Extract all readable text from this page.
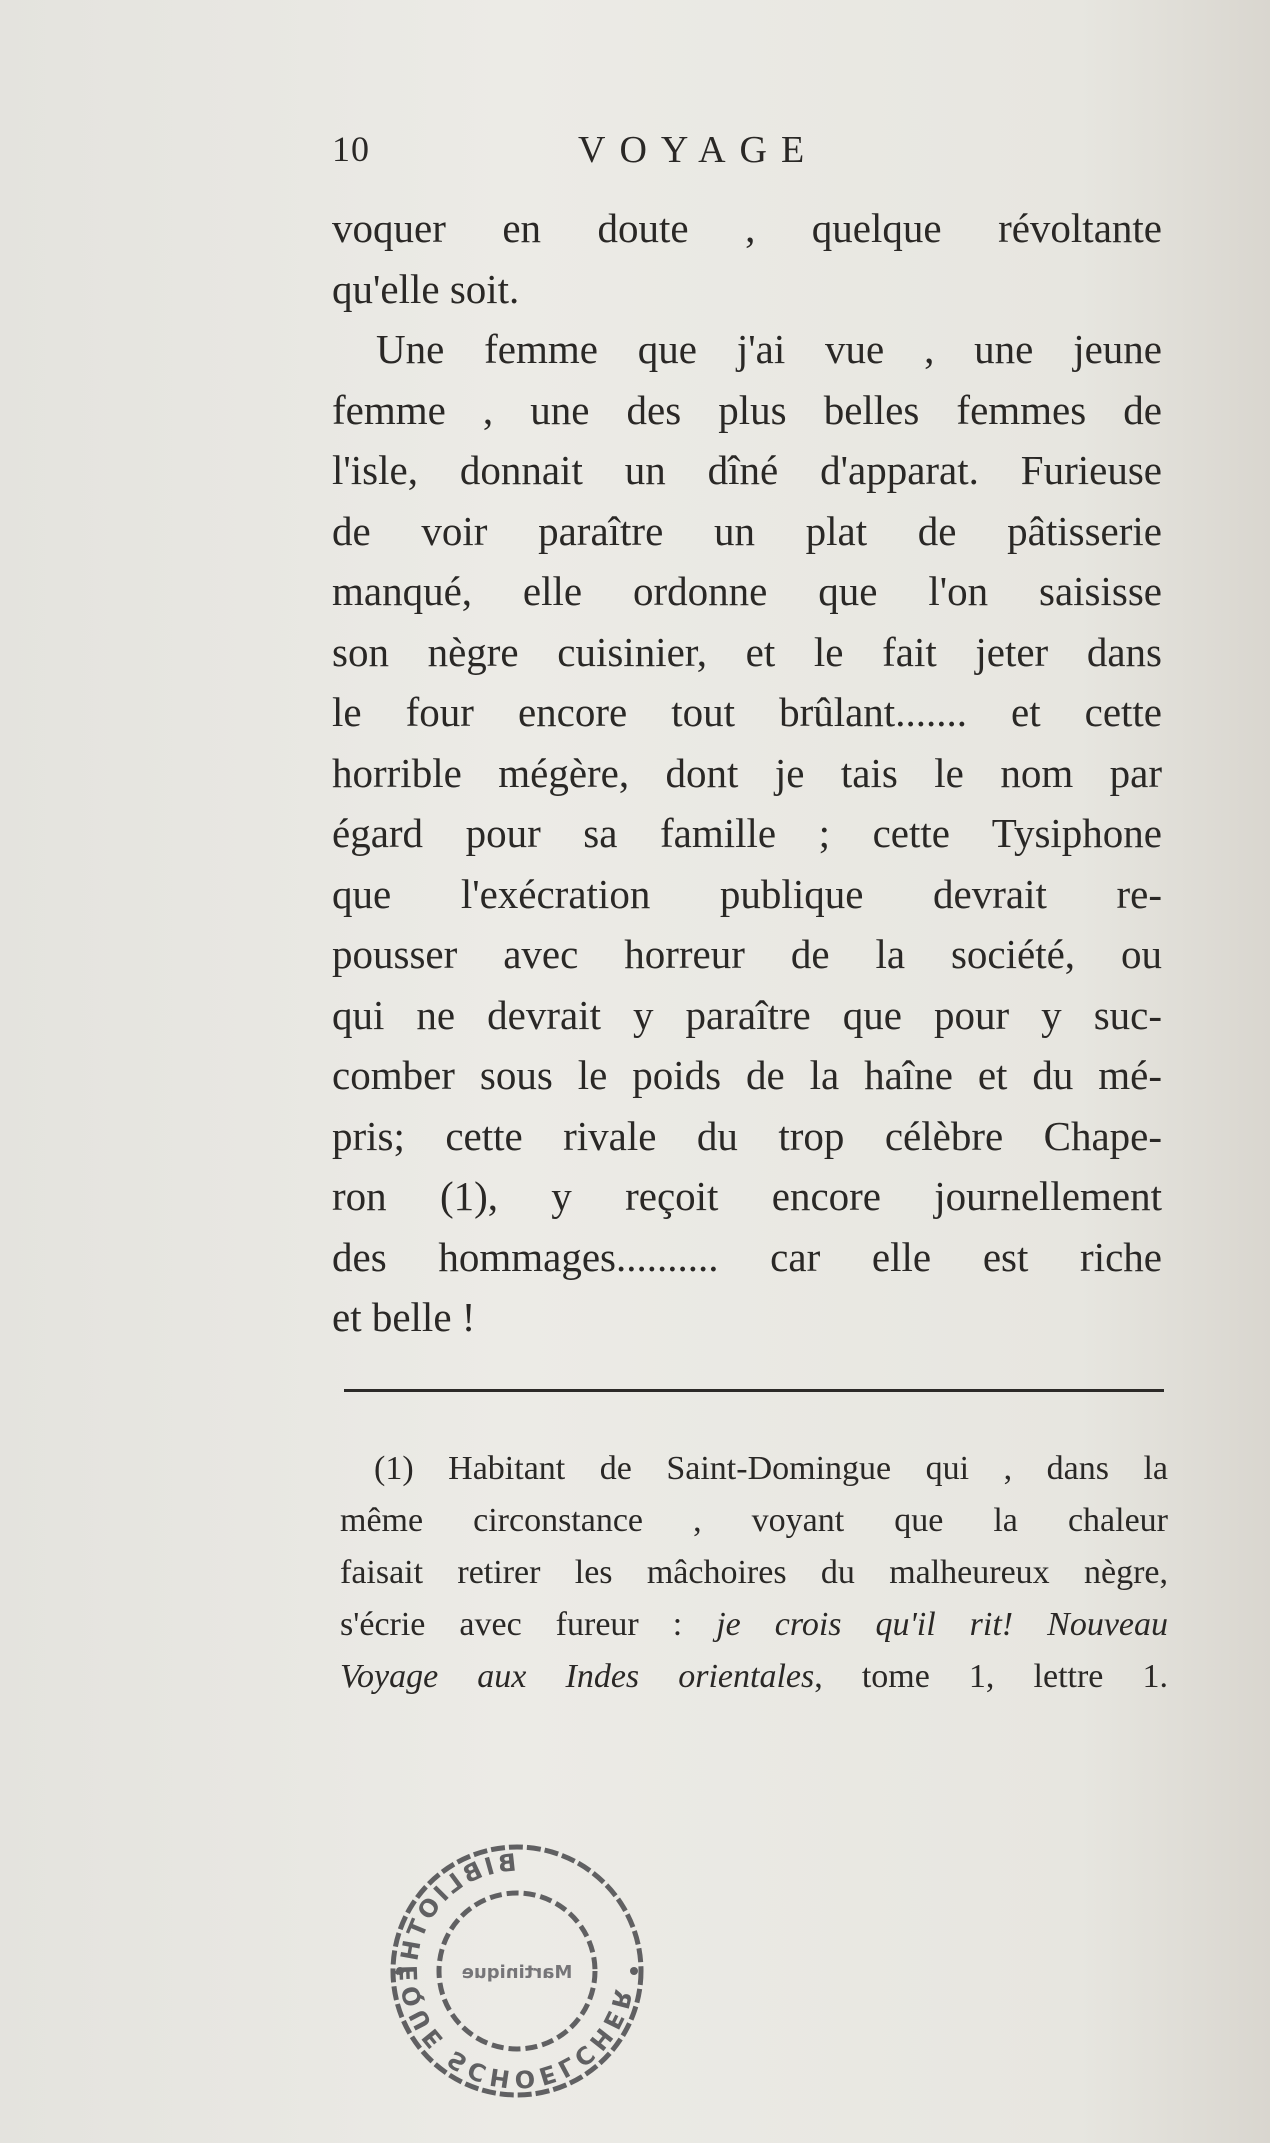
10	VOYAGE
voquer en doute , quelque révoltante
qu'elle soit.
Une femme que j'ai vue , une jeune
femme , une des plus belles femmes de
l'isle, donnait un dîné d'apparat. Furieuse
de voir paraître un plat de pâtisserie
manqué, elle ordonne que l'on saisisse
son nègre cuisinier, et le fait jeter dans
le four encore tout brûlant....... et cette
horrible mégère, dont je tais le nom par
égard pour sa famille ; cette Tysiphone
que l'exécration publique devrait re-
pousser avec horreur de la société, ou
qui ne devrait y paraître que pour y suc-
comber sous le poids de la haîne et du mé-
pris; cette rivale du trop célèbre Chape-
ron (1), y reçoit encore journellement
des hommages.......... car elle est riche
et belle !
(1) Habitant de Saint-Domingue qui , dans la
même circonstance , voyant que la chaleur
faisait retirer les mâchoires du malheureux nègre,
s'écrie avec fureur : je crois qu'il rit! Nouveau
Voyage aux Indes orientales, tome 1, lettre 1.
BIBLIOTHÈQUE SCHOELCHER
Martinique
